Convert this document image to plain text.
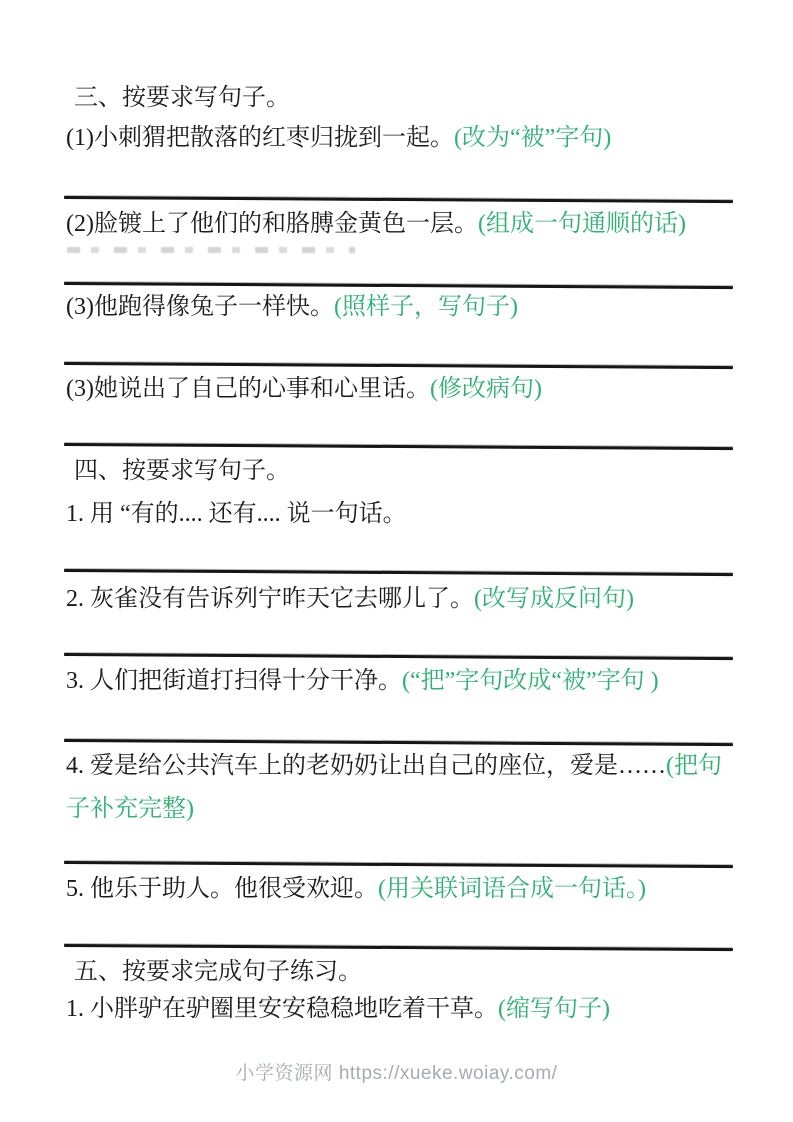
三、按要求写句子。
(1)小刺猬把散落的红枣归拢到一起。(改为“被”字句)
(2)脸镀上了他们的和胳膊金黄色一层。(组成一句通顺的话)
(3)他跑得像兔子一样快。(照样子，写句子)
(3)她说出了自己的心事和心里话。(修改病句)
四、按要求写句子。
1. 用 “有的.... 还有.... 说一句话。
2. 灰雀没有告诉列宁昨天它去哪儿了。(改写成反问句)
3. 人们把街道打扫得十分干净。(“把”字句改成“被”字句 )
4. 爱是给公共汽车上的老奶奶让出自己的座位，爱是……(把句子补充完整)
5. 他乐于助人。他很受欢迎。(用关联词语合成一句话。)
五、按要求完成句子练习。
1. 小胖驴在驴圈里安安稳稳地吃着干草。(缩写句子)
小学资源网 https://xueke.woiay.com/
